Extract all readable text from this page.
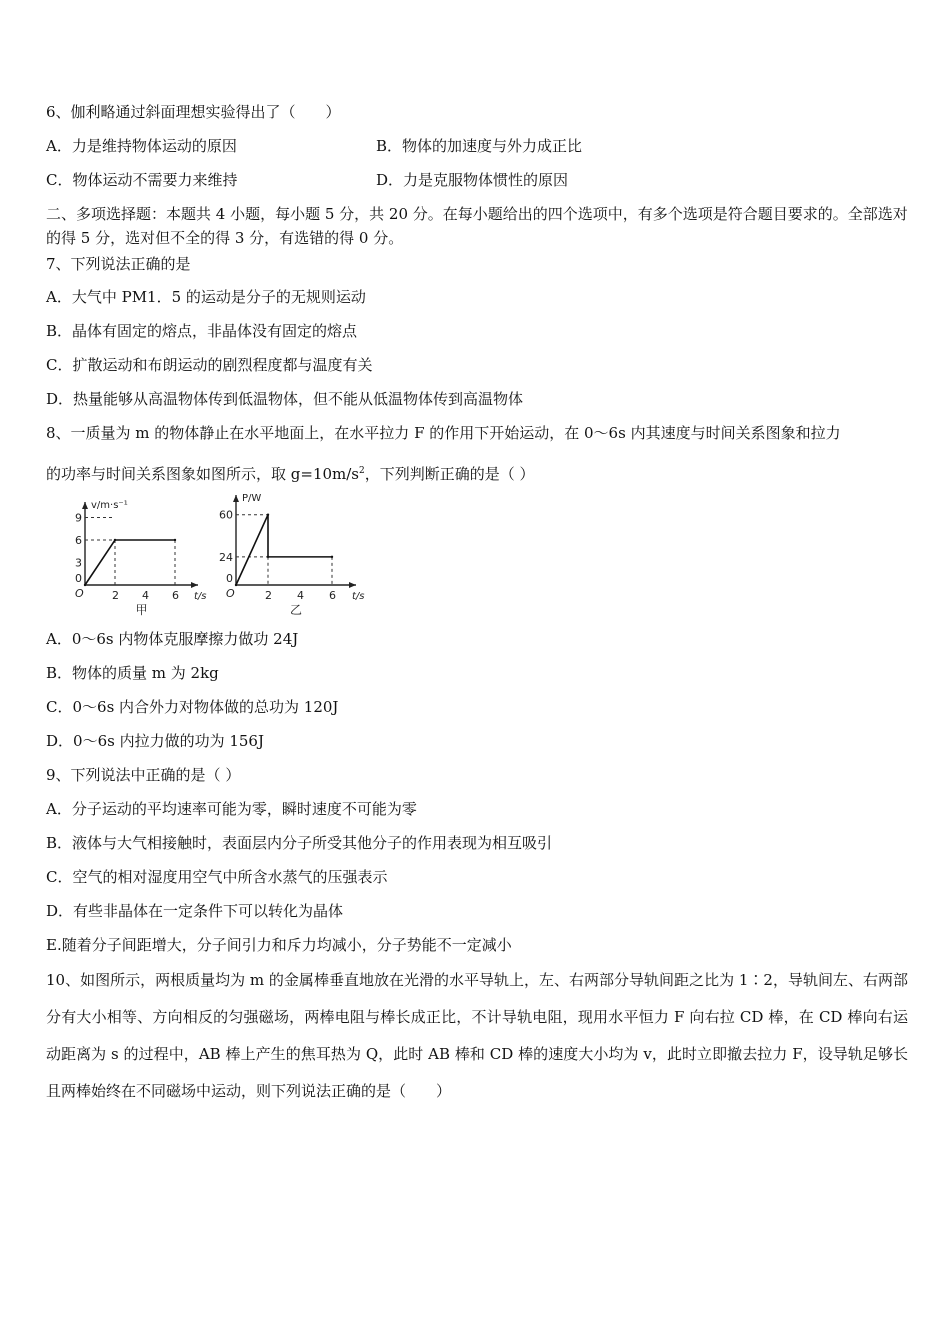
6、伽利略通过斜面理想实验得出了（　　）
A．力是维持物体运动的原因	B．物体的加速度与外力成正比
C．物体运动不需要力来维持	D．力是克服物体惯性的原因
二、多项选择题：本题共 4 小题，每小题 5 分，共 20 分。在每小题给出的四个选项中，有多个选项是符合题目要求的。全部选对的得 5 分，选对但不全的得 3 分，有选错的得 0 分。
7、下列说法正确的是
A．大气中 PM1．5 的运动是分子的无规则运动
B．晶体有固定的熔点，非晶体没有固定的熔点
C．扩散运动和布朗运动的剧烈程度都与温度有关
D．热量能够从高温物体传到低温物体，但不能从低温物体传到高温物体
8、一质量为 m 的物体静止在水平地面上，在水平拉力 F 的作用下开始运动，在 0～6s 内其速度与时间关系图象和拉力
的功率与时间关系图象如图所示，取 $g=10m/s^2$，下列判断正确的是（ ）
v/m·s⁻¹
t/s
O
甲
2 4 6
9
6
3
0
P/W
t/s
O
乙
2 4 6
60
24
0
A．0～6s 内物体克服摩擦力做功 24J
B．物体的质量 m 为 2kg
C．0～6s 内合外力对物体做的总功为 120J
D．0～6s 内拉力做的功为 156J
9、下列说法中正确的是（ ）
A．分子运动的平均速率可能为零，瞬时速度不可能为零
B．液体与大气相接触时，表面层内分子所受其他分子的作用表现为相互吸引
C．空气的相对湿度用空气中所含水蒸气的压强表示
D．有些非晶体在一定条件下可以转化为晶体
E.随着分子间距增大，分子间引力和斥力均减小，分子势能不一定减小
10、如图所示，两根质量均为 m 的金属棒垂直地放在光滑的水平导轨上，左、右两部分导轨间距之比为 1∶2，导轨间左、右两部分有大小相等、方向相反的匀强磁场，两棒电阻与棒长成正比，不计导轨电阻，现用水平恒力 F 向右拉 CD 棒，在 CD 棒向右运动距离为 s 的过程中，AB 棒上产生的焦耳热为 Q，此时 AB 棒和 CD 棒的速度大小均为 v，此时立即撤去拉力 F，设导轨足够长且两棒始终在不同磁场中运动，则下列说法正确的是（　　）
